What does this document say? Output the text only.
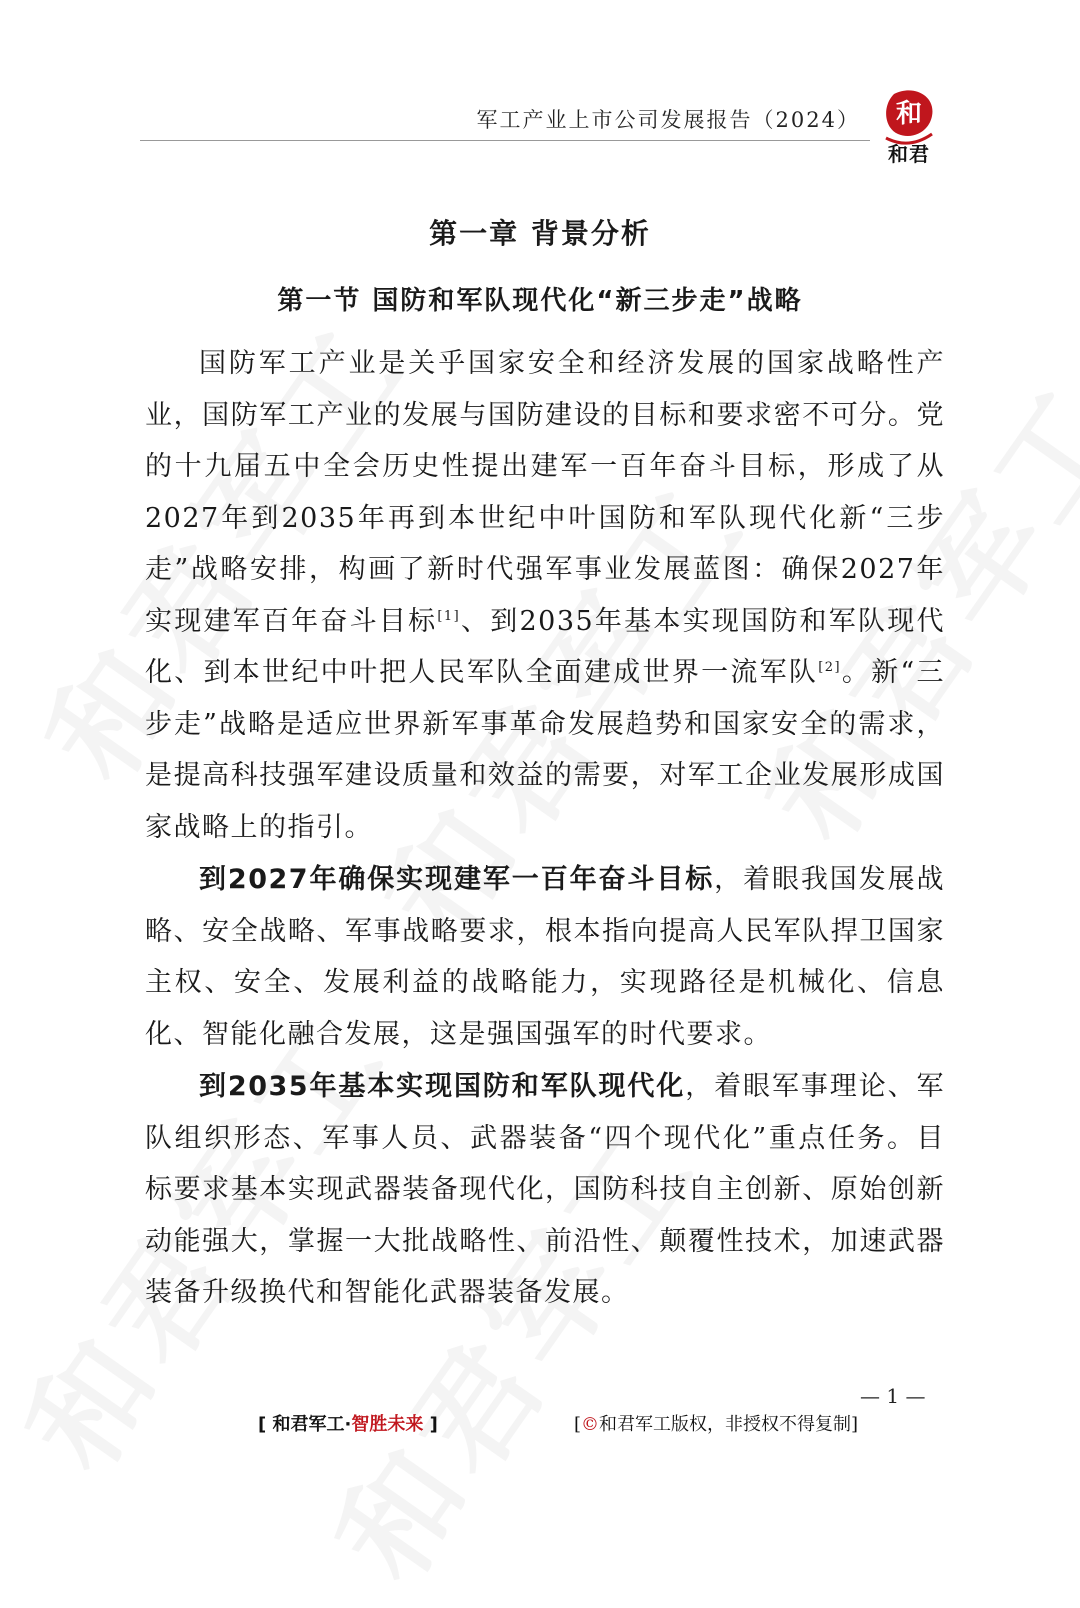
军工产业上市公司发展报告（2024） 和
和君
第一章 背景分析
第一节 国防和军队现代化“新三步走”战略

国防军工产业是关乎国家安全和经济发展的国家战略性产业，国防军工产业的发展与国防建设的目标和要求密不可分。党的十九届五中全会历史性提出建军一百年奋斗目标，形成了从2027年到2035年再到本世纪中叶国防和军队现代化新“三步走”战略安排，构画了新时代强军事业发展蓝图：确保2027年实现建军百年奋斗目标[1]、到2035年基本实现国防和军队现代化、到本世纪中叶把人民军队全面建成世界一流军队[2]。新“三步走”战略是适应世界新军事革命发展趋势和国家安全的需求，是提高科技强军建设质量和效益的需要，对军工企业发展形成国家战略上的指引。

到2027年确保实现建军一百年奋斗目标，着眼我国发展战略、安全战略、军事战略要求，根本指向提高人民军队捍卫国家主权、安全、发展利益的战略能力，实现路径是机械化、信息化、智能化融合发展，这是强国强军的时代要求。

到2035年基本实现国防和军队现代化，着眼军事理论、军队组织形态、军事人员、武器装备“四个现代化”重点任务。目标要求基本实现武器装备现代化，国防科技自主创新、原始创新动能强大，掌握一大批战略性、前沿性、颠覆性技术，加速武器装备升级换代和智能化武器装备发展。

— 1 —
[ 和君军工·智胜未来 ]	[©和君军工版权，非授权不得复制]
